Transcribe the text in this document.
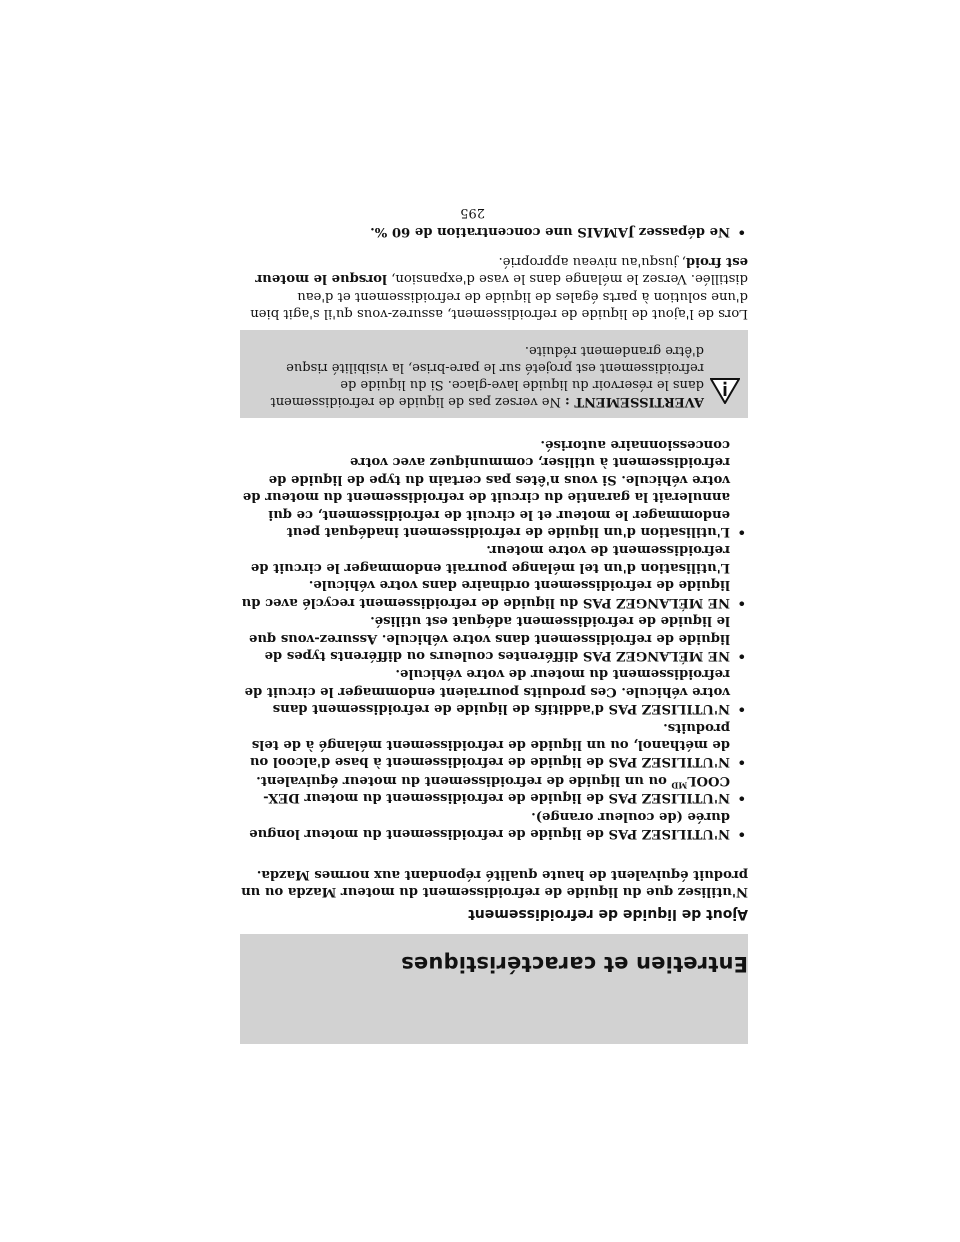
Entretien et caractéristiques
Ajout de liquide de refroidissement
N'utilisez que du liquide de refroidissement du moteur Mazda ou un produit équivalent de haute qualité répondant aux normes Mazda.
•
N'UTILISEZ PAS de liquide de refroidissement du moteur longue durée (de couleur orange).
•
N'UTILISEZ PAS de liquide de refroidissement du moteur DEX-$COOL^{MD}$ ou un liquide de refroidissement du moteur équivalent.
•
N'UTILISEZ PAS de liquide de refroidissement à base d'alcool ou de méthanol, ou un liquide de refroidissement mélangé à de tels produits.
•
N'UTILISEZ PAS d'additifs de liquide de refroidissement dans votre véhicule. Ces produits pourraient endommager le circuit de refroidissement du moteur de votre véhicule.
•
NE MÉLANGEZ PAS différentes couleurs ou différents types de liquide de refroidissement dans votre véhicule. Assurez-vous que le liquide de refroidissement adéquat est utilisé.
•
NE MÉLANGEZ PAS du liquide de refroidissement recyclé avec du liquide de refroidissement ordinaire dans votre véhicule. L'utilisation d'un tel mélange pourrait endommager le circuit de refroidissement de votre moteur.
•
L'utilisation d'un liquide de refroidissement inadéquat peut endommager le moteur et le circuit de refroidissement, ce qui annulerait la garantie du circuit de refroidissement du moteur de votre véhicule. Si vous n'êtes pas certain du type de liquide de refroidissement à utiliser, communiquez avec votre concessionnaire autorisé.
AVERTISSEMENT : Ne versez pas de liquide de refroidissement dans le réservoir du liquide lave-glace. Si du liquide de refroidissement est projeté sur le pare-brise, la visibilité risque d'être grandement réduite.
Lors de l'ajout de liquide de refroidissement, assurez-vous qu'il s'agit bien d'une solution à parts égales de liquide de refroidissement et d'eau distillée. Versez le mélange dans le vase d'expansion, lorsque le moteur est froid, jusqu'au niveau approprié.
•
Ne dépassez JAMAIS une concentration de 60 %.
295
